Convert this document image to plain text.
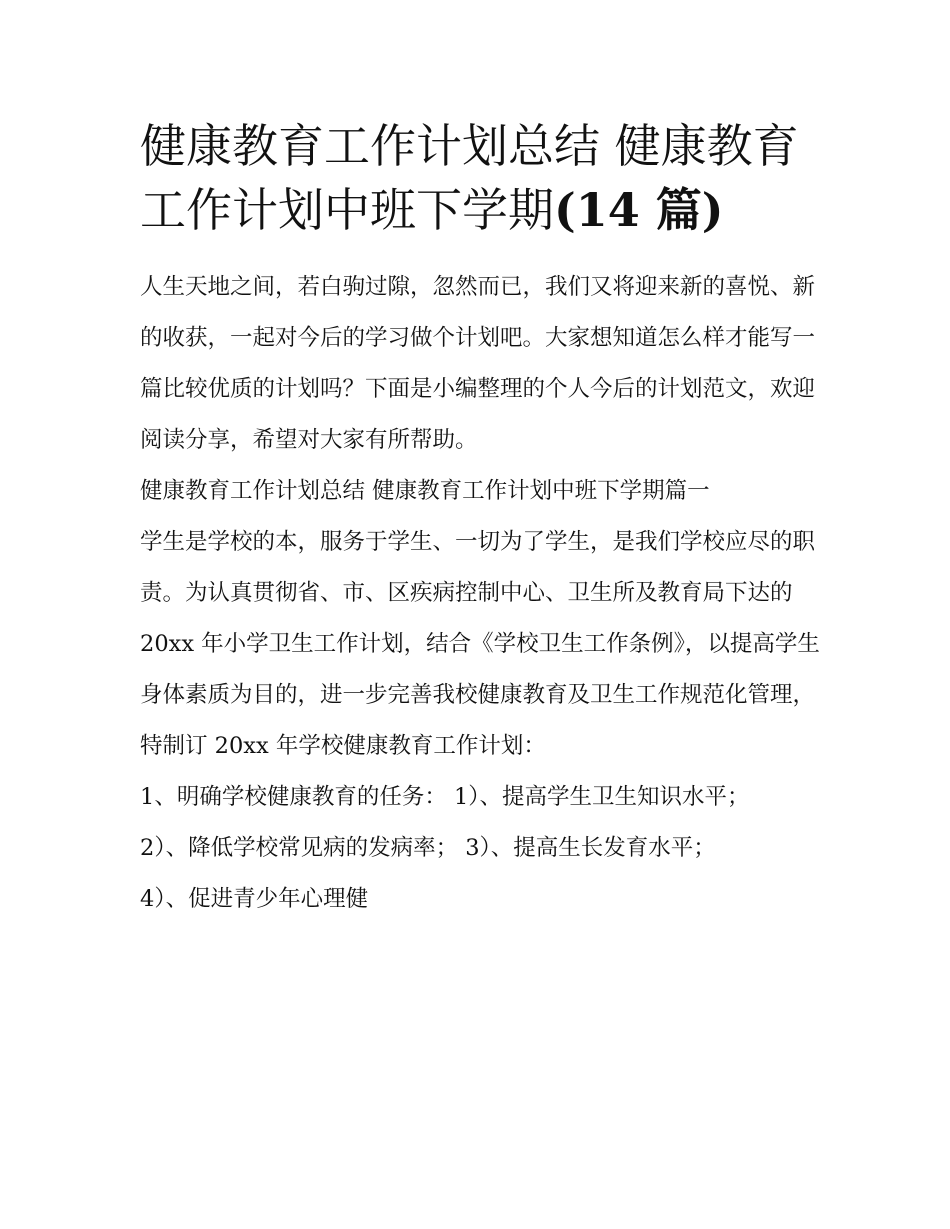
健康教育工作计划总结 健康教育工作计划中班下学期(14 篇)

人生天地之间，若白驹过隙，忽然而已，我们又将迎来新的喜悦、新的收获，一起对今后的学习做个计划吧。大家想知道怎么样才能写一篇比较优质的计划吗？下面是小编整理的个人今后的计划范文，欢迎阅读分享，希望对大家有所帮助。

健康教育工作计划总结 健康教育工作计划中班下学期篇一

学生是学校的本，服务于学生、一切为了学生，是我们学校应尽的职责。为认真贯彻省、市、区疾病控制中心、卫生所及教育局下达的20xx 年小学卫生工作计划，结合《学校卫生工作条例》，以提高学生身体素质为目的，进一步完善我校健康教育及卫生工作规范化管理，特制订 20xx 年学校健康教育工作计划：

1、明确学校健康教育的任务： 1）、提高学生卫生知识水平；

2）、降低学校常见病的发病率； 3）、提高生长发育水平；

4）、促进青少年心理健
